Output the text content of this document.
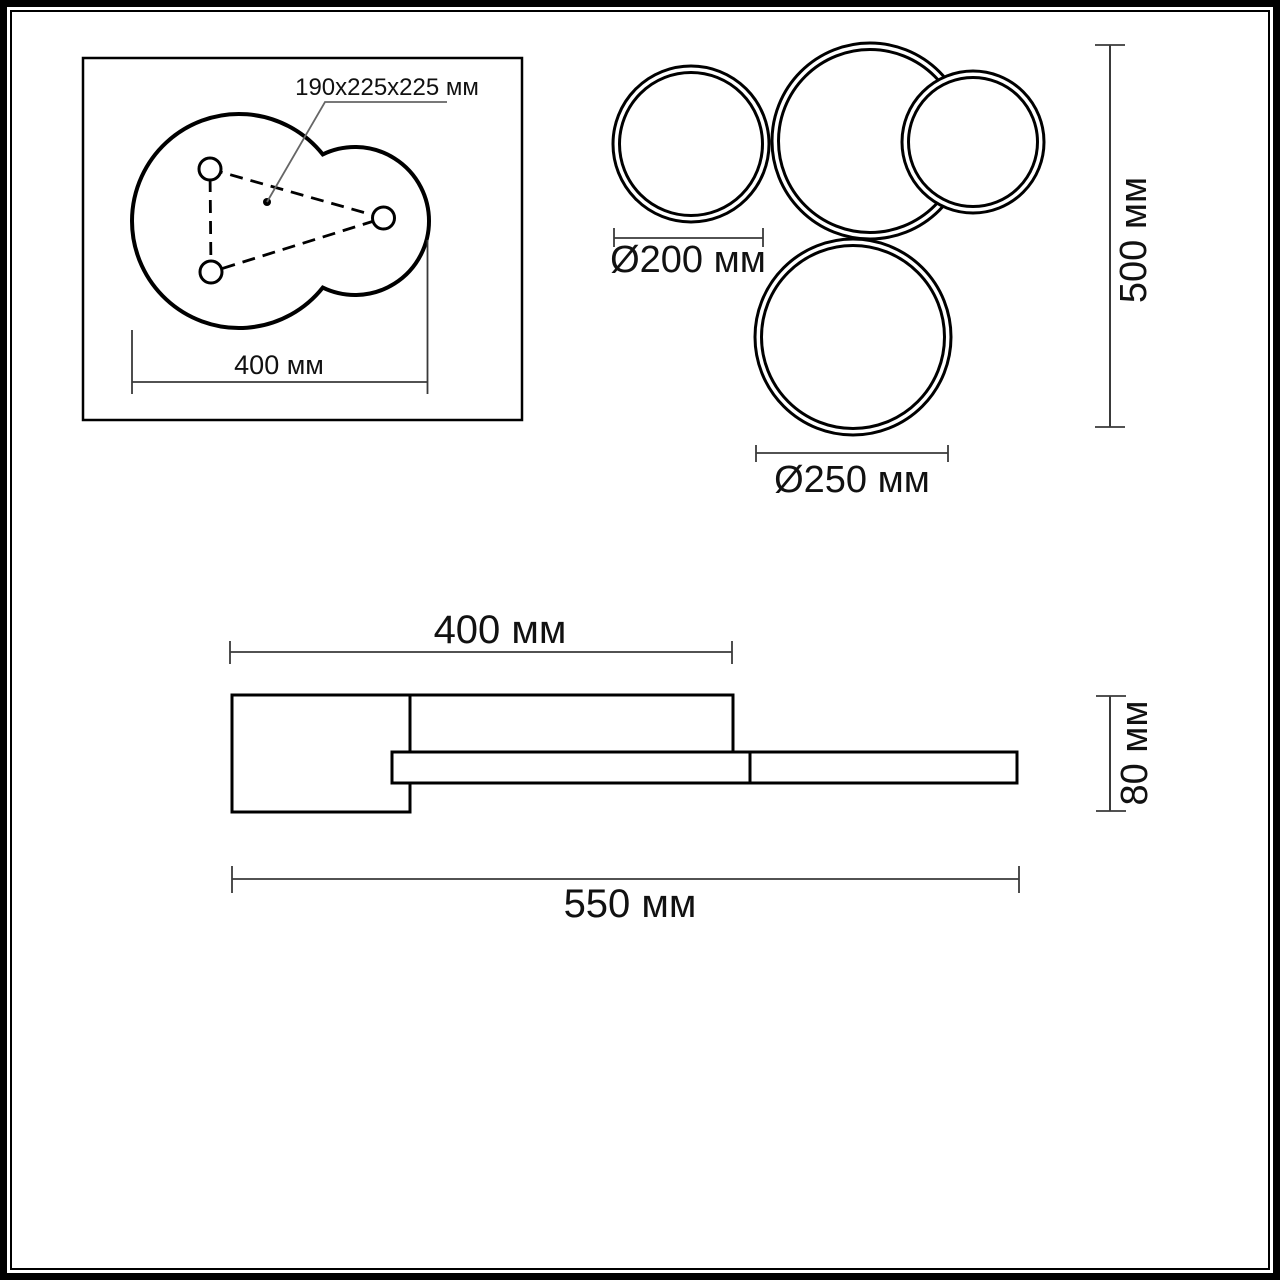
190x225x225 мм
400 мм
Ø200 мм
Ø250 мм
500 мм
400 мм
80 мм
550 мм
